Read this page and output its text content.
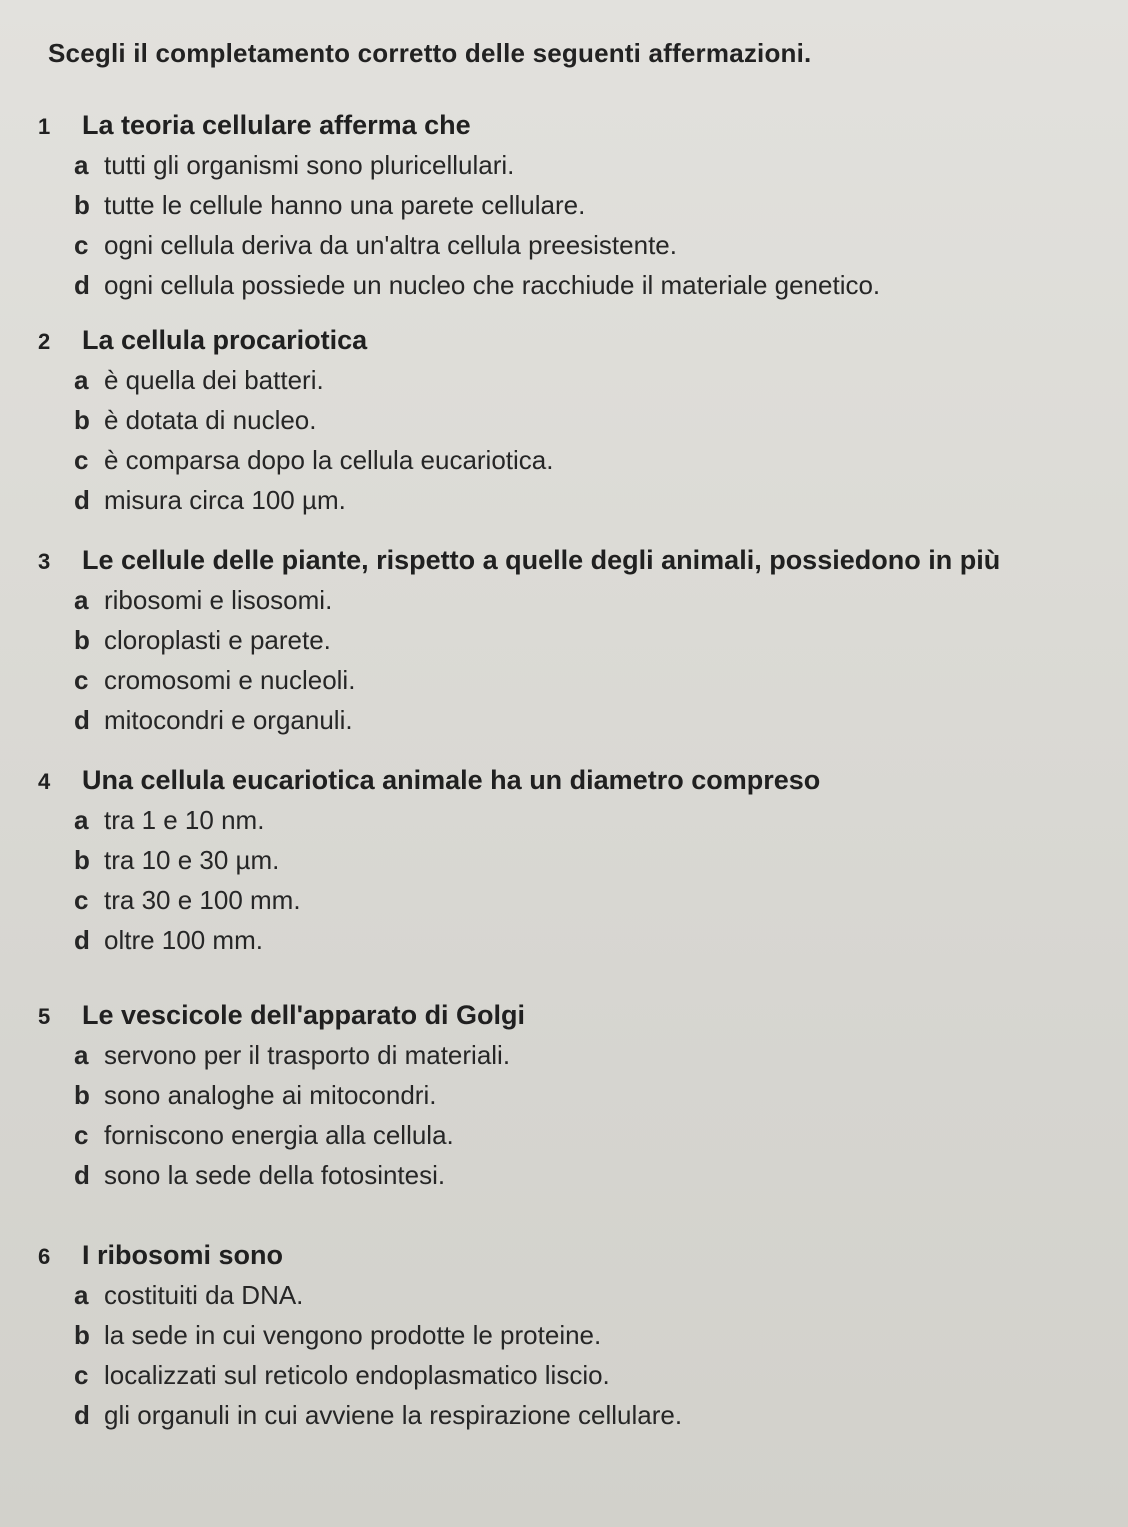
Scegli il completamento corretto delle seguenti affermazioni.
1	La teoria cellulare afferma che
a tutti gli organismi sono pluricellulari.
b tutte le cellule hanno una parete cellulare.
c ogni cellula deriva da un'altra cellula preesistente.
d ogni cellula possiede un nucleo che racchiude il materiale genetico.
2	La cellula procariotica
a è quella dei batteri.
b è dotata di nucleo.
c è comparsa dopo la cellula eucariotica.
d misura circa 100 µm.
3	Le cellule delle piante, rispetto a quelle degli animali, possiedono in più
a ribosomi e lisosomi.
b cloroplasti e parete.
c cromosomi e nucleoli.
d mitocondri e organuli.
4	Una cellula eucariotica animale ha un diametro compreso
a tra 1 e 10 nm.
b tra 10 e 30 µm.
c tra 30 e 100 mm.
d oltre 100 mm.
5	Le vescicole dell'apparato di Golgi
a servono per il trasporto di materiali.
b sono analoghe ai mitocondri.
c forniscono energia alla cellula.
d sono la sede della fotosintesi.
6	I ribosomi sono
a costituiti da DNA.
b la sede in cui vengono prodotte le proteine.
c localizzati sul reticolo endoplasmatico liscio.
d gli organuli in cui avviene la respirazione cellulare.
